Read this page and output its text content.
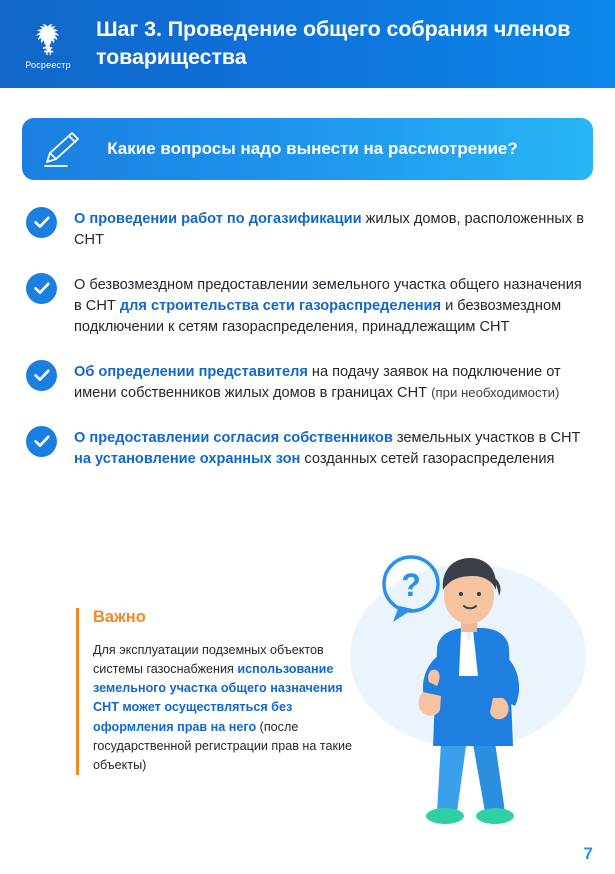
Росреестр
Шаг 3. Проведение общего собрания членов товарищества
Какие вопросы надо вынести на рассмотрение?
О проведении работ по догазификации жилых домов, расположенных в СНТ
О безвозмездном предоставлении земельного участка общего назначения в СНТ для строительства сети газораспределения и безвозмездном подключении к сетям газораспределения, принадлежащим СНТ
Об определении представителя на подачу заявок на подключение от имени собственников жилых домов в границах СНТ (при необходимости)
О предоставлении согласия собственников земельных участков в СНТ на установление охранных зон созданных сетей газораспределения
Важно
Для эксплуатации подземных объектов системы газоснабжения использование земельного участка общего назначения СНТ может осуществляться без оформления прав на него (после государственной регистрации прав на такие объекты)
?
7
